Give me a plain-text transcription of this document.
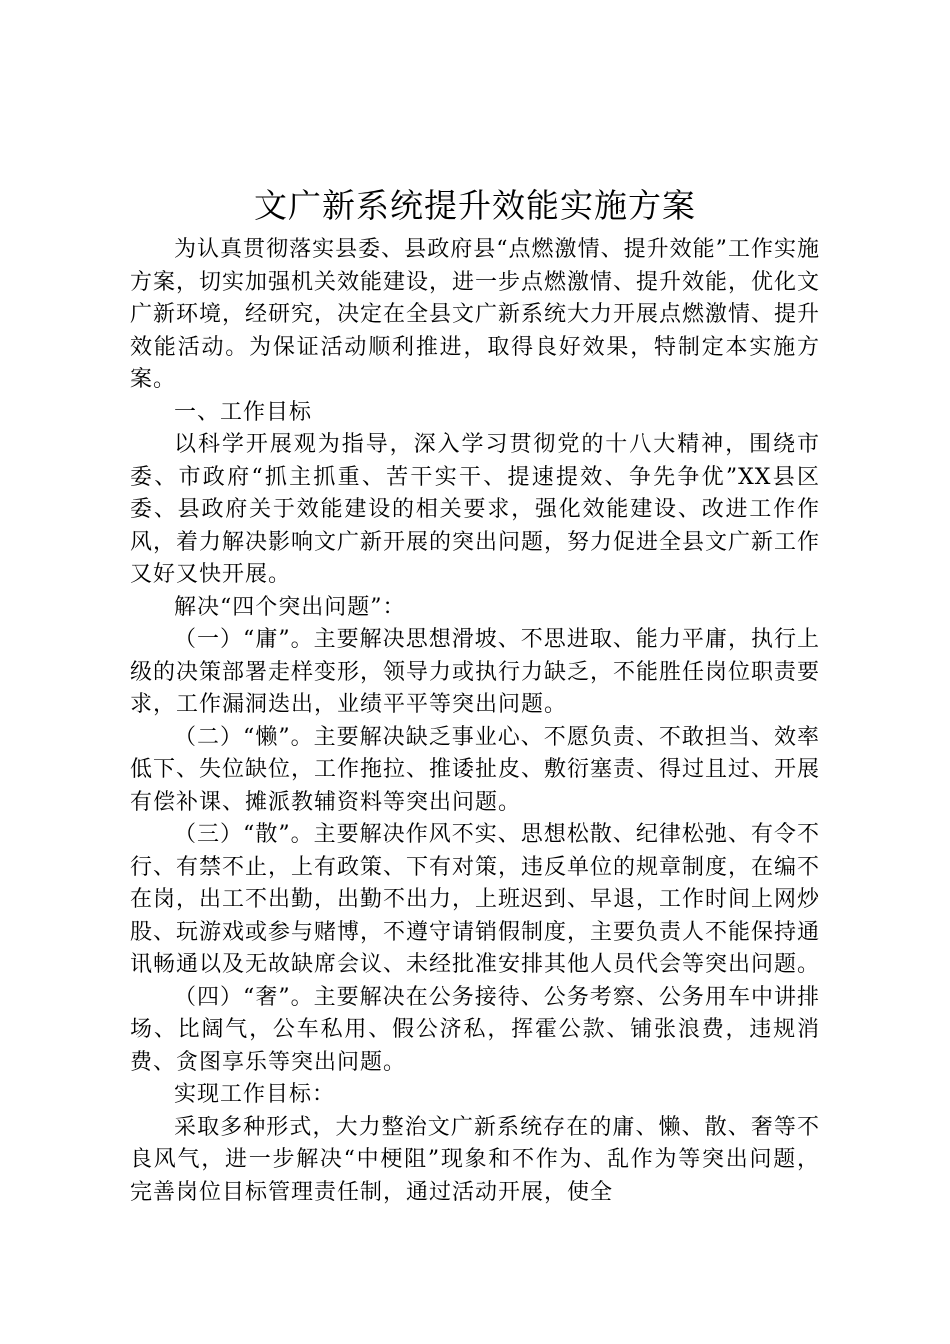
文广新系统提升效能实施方案

为认真贯彻落实县委、县政府县“点燃激情、提升效能”工作实施方案，切实加强机关效能建设，进一步点燃激情、提升效能，优化文广新环境，经研究，决定在全县文广新系统大力开展点燃激情、提升效能活动。为保证活动顺利推进，取得良好效果，特制定本实施方案。

一、工作目标

以科学开展观为指导，深入学习贯彻党的十八大精神，围绕市委、市政府“抓主抓重、苦干实干、提速提效、争先争优”XX县区委、县政府关于效能建设的相关要求，强化效能建设、改进工作作风，着力解决影响文广新开展的突出问题，努力促进全县文广新工作又好又快开展。

解决“四个突出问题”：

（一）“庸”。主要解决思想滑坡、不思进取、能力平庸，执行上级的决策部署走样变形，领导力或执行力缺乏，不能胜任岗位职责要求，工作漏洞迭出，业绩平平等突出问题。

（二）“懒”。主要解决缺乏事业心、不愿负责、不敢担当、效率低下、失位缺位，工作拖拉、推诿扯皮、敷衍塞责、得过且过、开展有偿补课、摊派教辅资料等突出问题。

（三）“散”。主要解决作风不实、思想松散、纪律松弛、有令不行、有禁不止，上有政策、下有对策，违反单位的规章制度，在编不在岗，出工不出勤，出勤不出力，上班迟到、早退，工作时间上网炒股、玩游戏或参与赌博，不遵守请销假制度，主要负责人不能保持通讯畅通以及无故缺席会议、未经批准安排其他人员代会等突出问题。

（四）“奢”。主要解决在公务接待、公务考察、公务用车中讲排场、比阔气，公车私用、假公济私，挥霍公款、铺张浪费，违规消费、贪图享乐等突出问题。

实现工作目标：

采取多种形式，大力整治文广新系统存在的庸、懒、散、奢等不良风气，进一步解决“中梗阻”现象和不作为、乱作为等突出问题，完善岗位目标管理责任制，通过活动开展，使全
